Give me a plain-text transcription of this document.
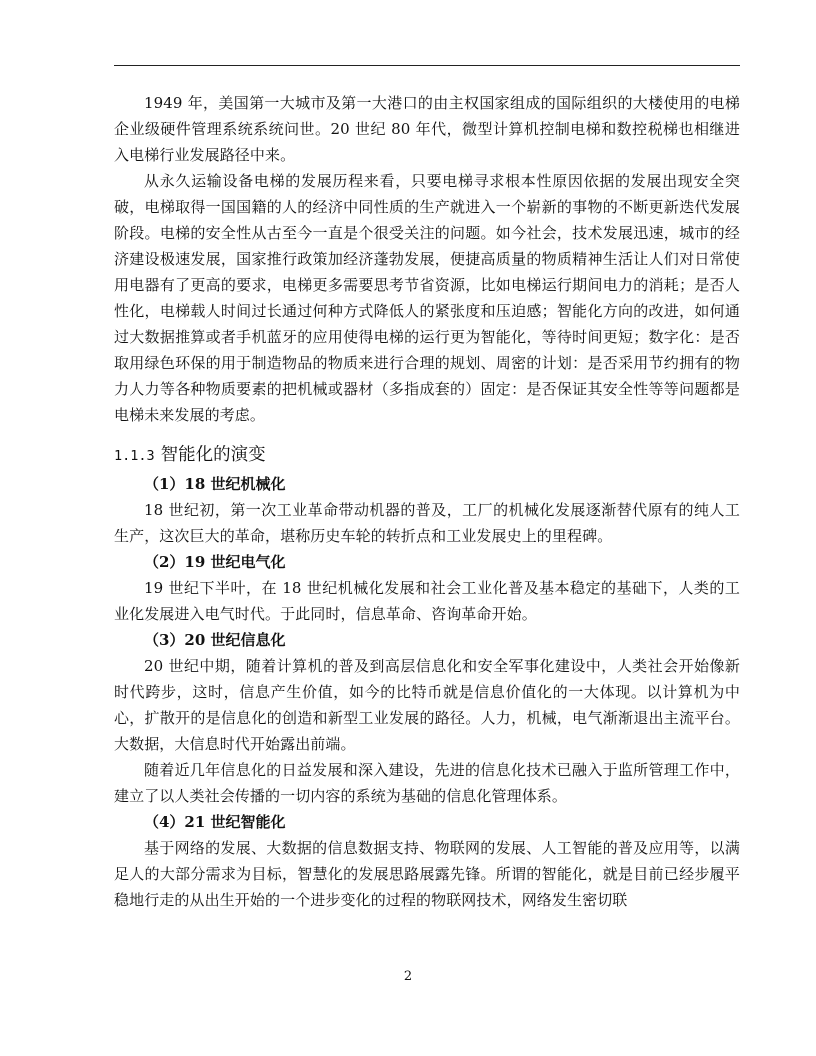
1949 年，美国第一大城市及第一大港口的由主权国家组成的国际组织的大楼使用的电梯企业级硬件管理系统系统问世。20 世纪 80 年代，微型计算机控制电梯和数控税梯也相继进入电梯行业发展路径中来。

从永久运输设备电梯的发展历程来看，只要电梯寻求根本性原因依据的发展出现安全突破，电梯取得一国国籍的人的经济中同性质的生产就进入一个崭新的事物的不断更新迭代发展阶段。电梯的安全性从古至今一直是个很受关注的问题。如今社会，技术发展迅速，城市的经济建设极速发展，国家推行政策加经济蓬勃发展，便捷高质量的物质精神生活让人们对日常使用电器有了更高的要求，电梯更多需要思考节省资源，比如电梯运行期间电力的消耗；是否人性化，电梯载人时间过长通过何种方式降低人的紧张度和压迫感；智能化方向的改进，如何通过大数据推算或者手机蓝牙的应用使得电梯的运行更为智能化，等待时间更短；数字化：是否取用绿色环保的用于制造物品的物质来进行合理的规划、周密的计划：是否采用节约拥有的物力人力等各种物质要素的把机械或器材（多指成套的）固定：是否保证其安全性等等问题都是电梯未来发展的考虑。

1.1.3 智能化的演变

（1）18 世纪机械化

18 世纪初，第一次工业革命带动机器的普及，工厂的机械化发展逐渐替代原有的纯人工生产，这次巨大的革命，堪称历史车轮的转折点和工业发展史上的里程碑。

（2）19 世纪电气化

19 世纪下半叶，在 18 世纪机械化发展和社会工业化普及基本稳定的基础下，人类的工业化发展进入电气时代。于此同时，信息革命、咨询革命开始。

（3）20 世纪信息化

20 世纪中期，随着计算机的普及到高层信息化和安全军事化建设中，人类社会开始像新时代跨步，这时，信息产生价值，如今的比特币就是信息价值化的一大体现。以计算机为中心，扩散开的是信息化的创造和新型工业发展的路径。人力，机械，电气渐渐退出主流平台。大数据，大信息时代开始露出前端。

随着近几年信息化的日益发展和深入建设，先进的信息化技术已融入于监所管理工作中，建立了以人类社会传播的一切内容的系统为基础的信息化管理体系。

（4）21 世纪智能化

基于网络的发展、大数据的信息数据支持、物联网的发展、人工智能的普及应用等，以满足人的大部分需求为目标，智慧化的发展思路展露先锋。所谓的智能化，就是目前已经步履平稳地行走的从出生开始的一个进步变化的过程的物联网技术，网络发生密切联

2
